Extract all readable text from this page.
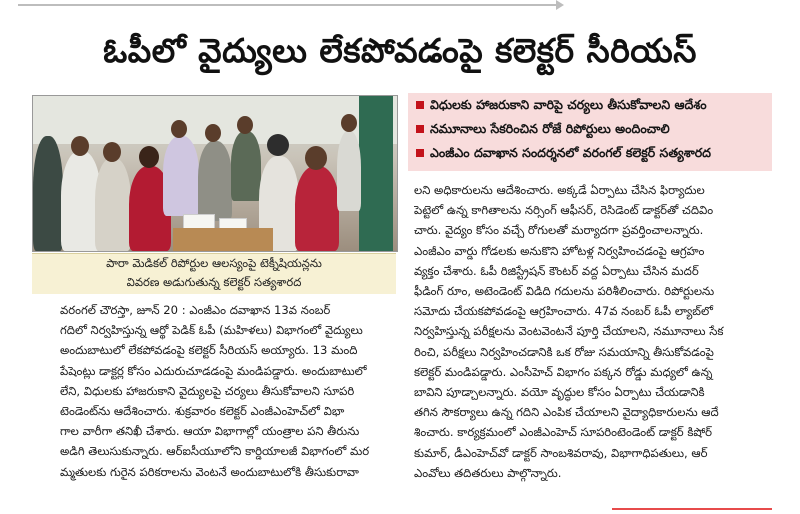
ఓపీలో వైద్యులు లేకపోవడంపై కలెక్టర్ సీరియస్
పారా మెడికల్ రిపోర్టుల ఆలస్యంపై టెక్నీషియన్లను
వివరణ అడుగుతున్న కలెక్టర్ సత్యశారద
విధులకు హాజరుకాని వారిపై చర్యలు తీసుకోవాలని ఆదేశం
నమూనాలు సేకరించిన రోజే రిపోర్టులు అందించాలి
ఎంజీఎం దవాఖాన సందర్శనలో వరంగల్ కలెక్టర్ సత్యశారద
వరంగల్ చౌరస్తా, జూన్ 20 : ఎంజీఎం దవాఖాన 13వ నంబర్
గదిలో నిర్వహిస్తున్న ఆర్థో పెడిక్ ఓపీ (మహిళలు) విభాగంలో వైద్యులు
అందుబాటులో లేకపోవడంపై కలెక్టర్ సీరియస్ అయ్యారు. 13 మంది
పేషెంట్లు డాక్టర్ల కోసం ఎదురుచూడడంపై మండిపడ్డారు. అందుబాటులో
లేని, విధులకు హాజరుకాని వైద్యులపై చర్యలు తీసుకోవాలని సూపరి
టెండెంట్‌ను ఆదేశించారు. శుక్రవారం కలెక్టర్ ఎంజీఎంహెచ్‌లో విభా
గాల వారీగా తనిఖీ చేశారు. ఆయా విభాగాల్లో యంత్రాల పని తీరును
అడిగి తెలుసుకున్నారు. ఆర్‌ఐసీయూలోని కార్డియాలజీ విభాగంలో మర
మ్మతులకు గురైన పరికరాలను వెంటనే అందుబాటులోకి తీసుకురావా
లని అధికారులను ఆదేశించారు. అక్కడే ఏర్పాటు చేసిన ఫిర్యాదుల
పెట్టెలో ఉన్న కాగితాలను నర్సింగ్ ఆఫీసర్, రెసిడెంట్ డాక్టర్‌తో చదివిం
చారు. వైద్యం కోసం వచ్చే రోగులతో మర్యాదగా ప్రవర్తించాలన్నారు.
ఎంజీఎం వార్డు గోడలకు అనుకొని హోటళ్ల నిర్వహించడంపై ఆగ్రహం
వ్యక్తం చేశారు. ఓపీ రిజిస్ట్రేషన్ కౌంటర్ వద్ద ఏర్పాటు చేసిన మదర్
ఫీడింగ్ రూం, అటెండెంట్ విడిది గదులను పరిశీలించారు. రిపోర్టులను
సమోదు చేయకపోవడంపై ఆగ్రహించారు. 47వ నంబర్ ఓపీ ల్యాబ్‌లో
నిర్వహిస్తున్న పరీక్షలను వెంటవెంటనే పూర్తి చేయాలని, నమూనాలు సేక
రించి, పరీక్షలు నిర్వహించడానికి ఒక రోజు సమయాన్ని తీసుకోవడంపై
కలెక్టర్ మండిపడ్డారు. ఎంసీహెచ్ విభాగం పక్కన రోడ్డు మధ్యలో ఉన్న
బావిని పూడ్చాలన్నారు. వయో వృద్ధుల కోసం ఏర్పాటు చేయడానికి
తగిన సౌకర్యాలు ఉన్న గదిని ఎంపిక చేయాలని వైద్యాధికారులను ఆదే
శించారు. కార్యక్రమంలో ఎంజీఎంహెచ్ సూపరింటెండెంట్ డాక్టర్ కిషోర్
కుమార్, డీఎంహెచ్‌వో డాక్టర్ సాంబశివరావు, విభాగాధిపతులు, ఆర్
ఎంవోలు తదితరులు పాల్గొన్నారు.
